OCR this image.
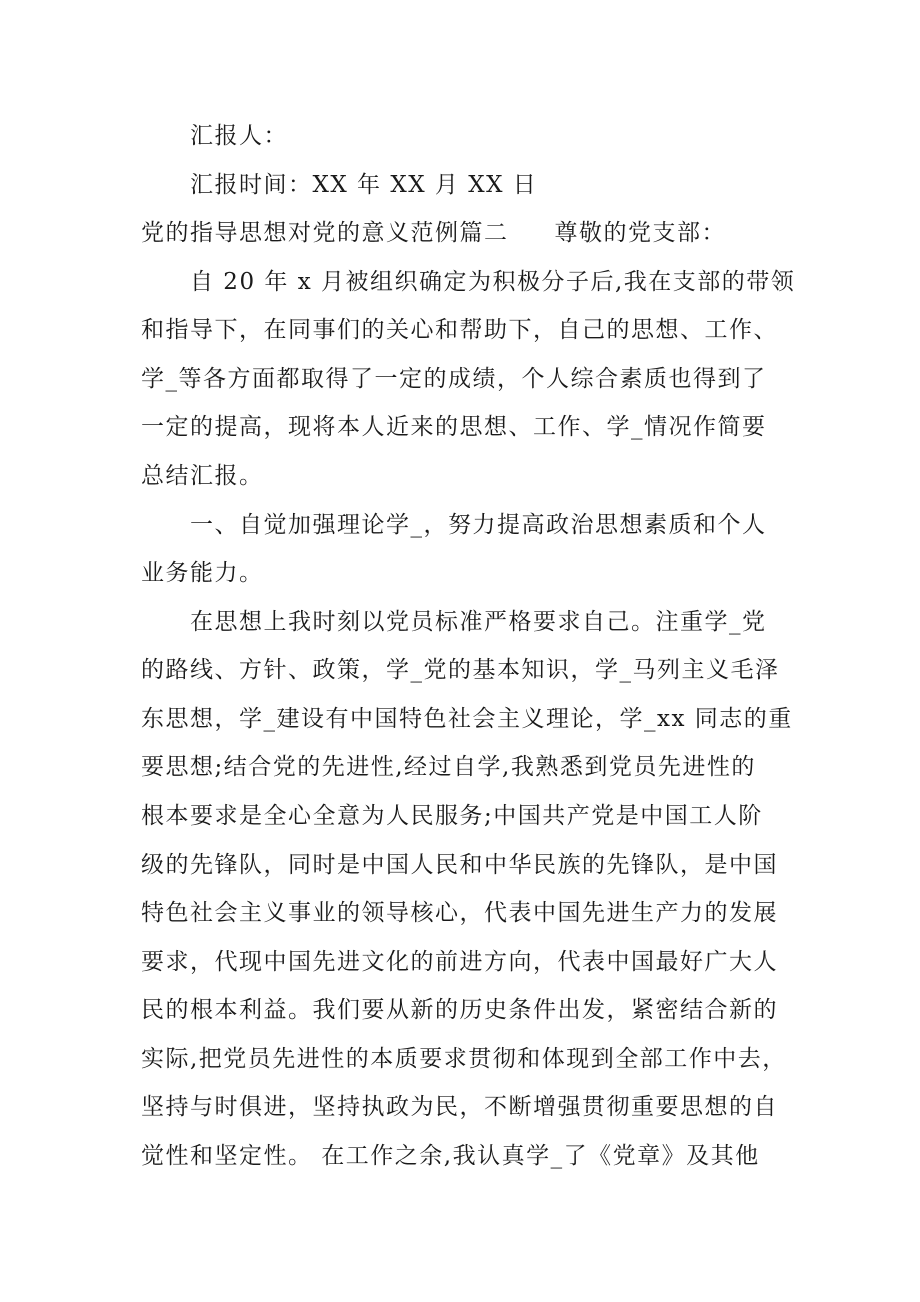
汇报人：
汇报时间：XX 年 XX 月 XX 日
党的指导思想对党的意义范例篇二 尊敬的党支部：
自 20 年 x 月被组织确定为积极分子后,我在支部的带领
和指导下，在同事们的关心和帮助下，自己的思想、工作、
学_等各方面都取得了一定的成绩，个人综合素质也得到了
一定的提高，现将本人近来的思想、工作、学_情况作简要
总结汇报。
一、自觉加强理论学_，努力提高政治思想素质和个人
业务能力。
在思想上我时刻以党员标准严格要求自己。注重学_党
的路线、方针、政策，学_党的基本知识，学_马列主义毛泽
东思想，学_建设有中国特色社会主义理论，学_xx 同志的重
要思想;结合党的先进性,经过自学,我熟悉到党员先进性的
根本要求是全心全意为人民服务;中国共产党是中国工人阶
级的先锋队，同时是中国人民和中华民族的先锋队，是中国
特色社会主义事业的领导核心，代表中国先进生产力的发展
要求，代现中国先进文化的前进方向，代表中国最好广大人
民的根本利益。我们要从新的历史条件出发，紧密结合新的
实际,把党员先进性的本质要求贯彻和体现到全部工作中去，
坚持与时俱进，坚持执政为民，不断增强贯彻重要思想的自
觉性和坚定性。 在工作之余,我认真学_了《党章》及其他
